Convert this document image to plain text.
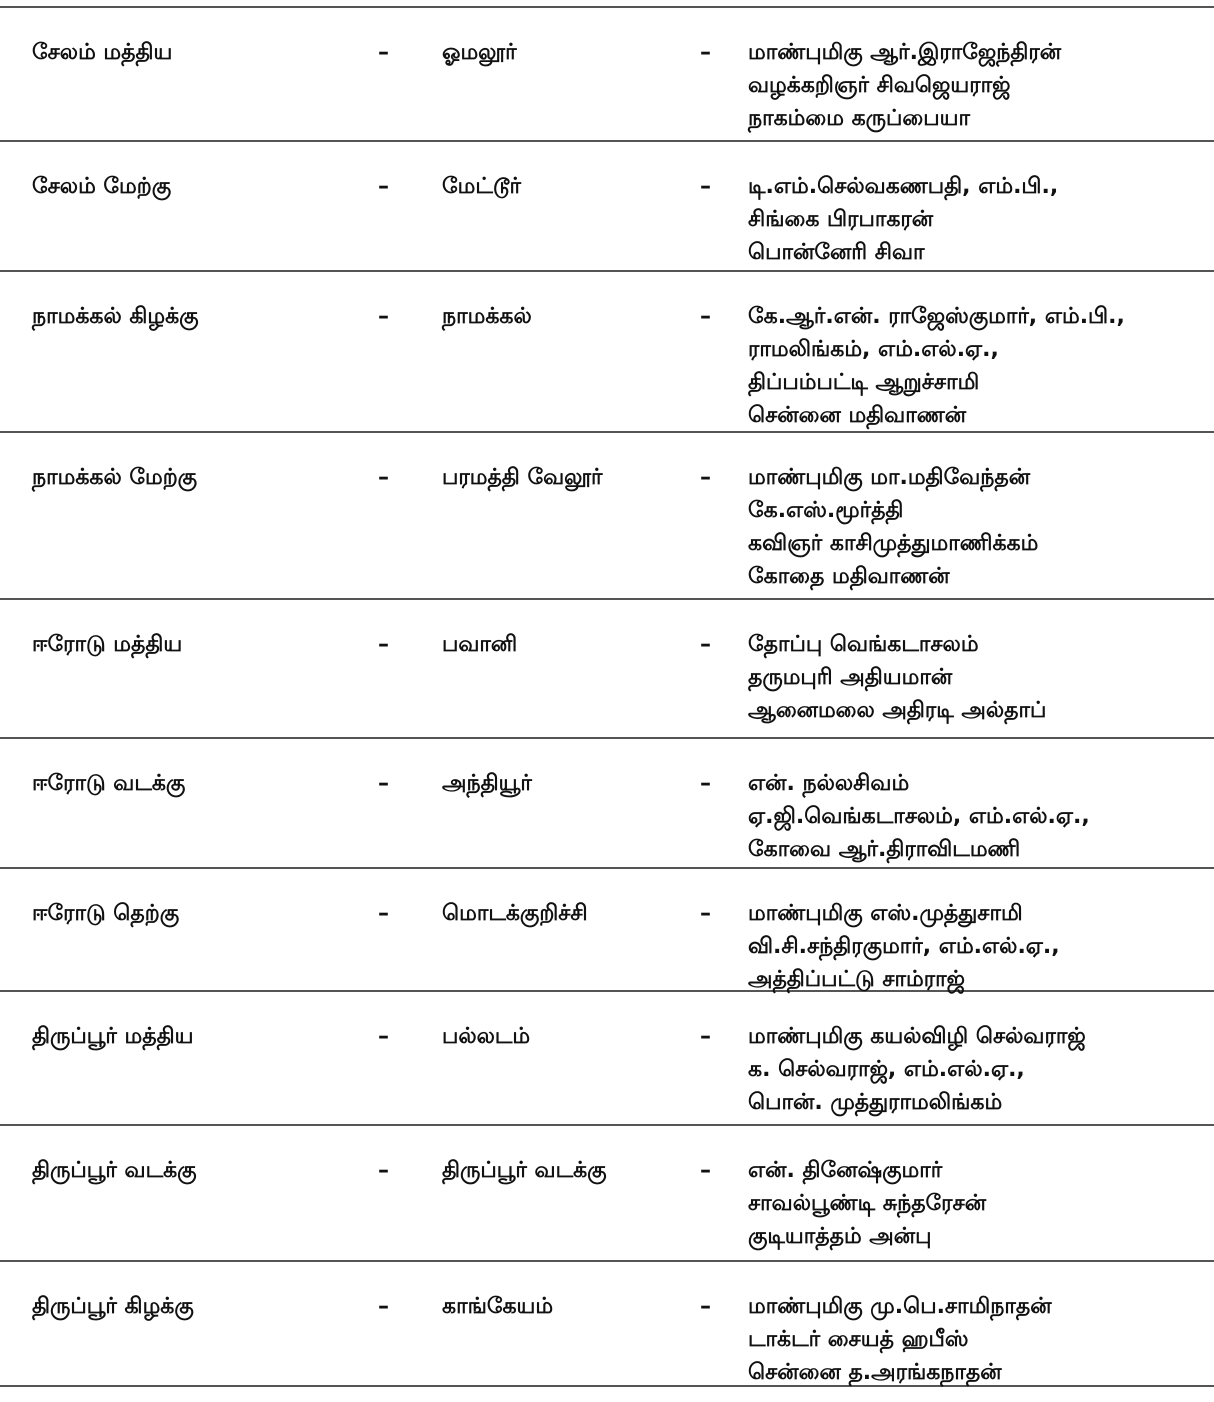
சேலம் மத்திய	–	ஓமலூர்	–	மாண்புமிகு ஆர்.இராஜேந்திரன்
வழக்கறிஞர் சிவஜெயராஜ்
நாகம்மை கருப்பையா
சேலம் மேற்கு	–	மேட்டூர்	–	டி.எம்.செல்வகணபதி, எம்.பி.,
சிங்கை பிரபாகரன்
பொன்னேரி சிவா
நாமக்கல் கிழக்கு	–	நாமக்கல்	–	கே.ஆர்.என். ராஜேஸ்குமார், எம்.பி.,
ராமலிங்கம், எம்.எல்.ஏ.,
திப்பம்பட்டி ஆறுச்சாமி
சென்னை மதிவாணன்
நாமக்கல் மேற்கு	–	பரமத்தி வேலூர்	–	மாண்புமிகு மா.மதிவேந்தன்
கே.எஸ்.மூர்த்தி
கவிஞர் காசிமுத்துமாணிக்கம்
கோதை மதிவாணன்
ஈரோடு மத்திய	–	பவானி	–	தோப்பு வெங்கடாசலம்
தருமபுரி அதியமான்
ஆனைமலை அதிரடி அல்தாப்
ஈரோடு வடக்கு	–	அந்தியூர்	–	என். நல்லசிவம்
ஏ.ஜி.வெங்கடாசலம், எம்.எல்.ஏ.,
கோவை ஆர்.திராவிடமணி
ஈரோடு தெற்கு	–	மொடக்குறிச்சி	–	மாண்புமிகு எஸ்.முத்துசாமி
வி.சி.சந்திரகுமார், எம்.எல்.ஏ.,
அத்திப்பட்டு சாம்ராஜ்
திருப்பூர் மத்திய	–	பல்லடம்	–	மாண்புமிகு கயல்விழி செல்வராஜ்
க. செல்வராஜ், எம்.எல்.ஏ.,
பொன். முத்துராமலிங்கம்
திருப்பூர் வடக்கு	–	திருப்பூர் வடக்கு	–	என். தினேஷ்குமார்
சாவல்பூண்டி சுந்தரேசன்
குடியாத்தம் அன்பு
திருப்பூர் கிழக்கு	–	காங்கேயம்	–	மாண்புமிகு மு.பெ.சாமிநாதன்
டாக்டர் சையத் ஹபீஸ்
சென்னை த.அரங்கநாதன்
